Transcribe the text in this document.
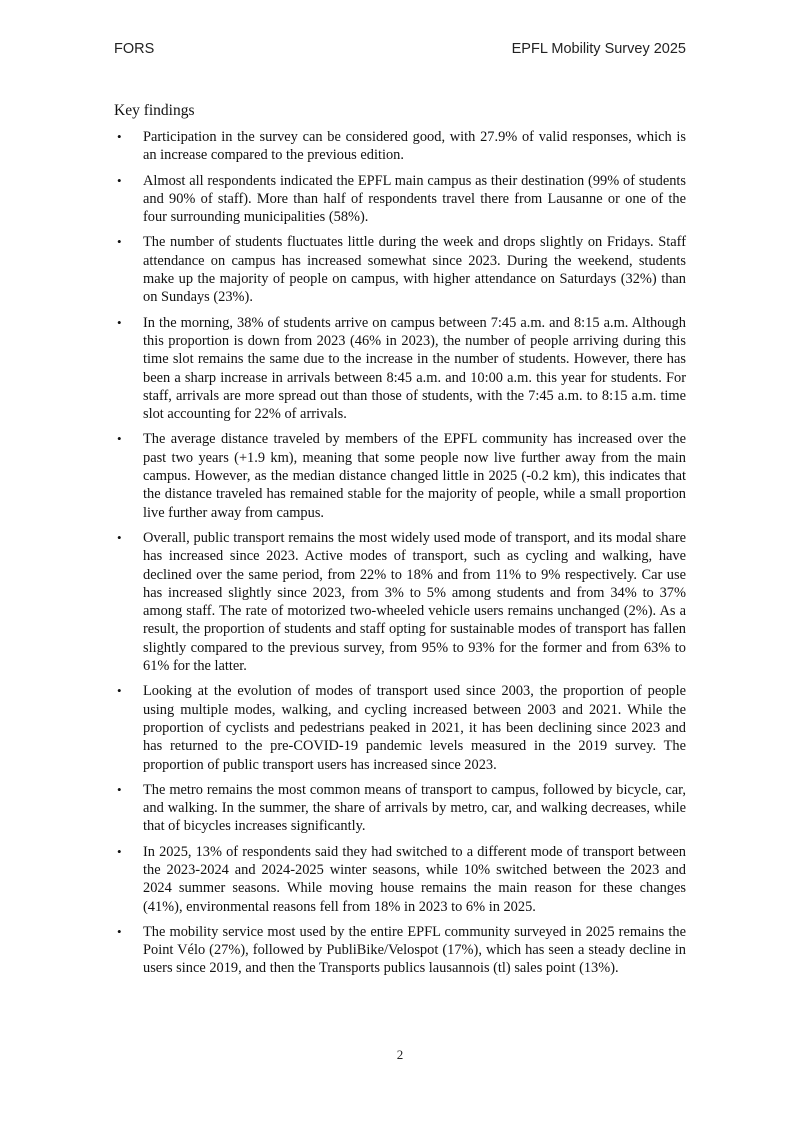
FORS	EPFL Mobility Survey 2025
Key findings
• Participation in the survey can be considered good, with 27.9% of valid responses, which is an increase compared to the previous edition.
• Almost all respondents indicated the EPFL main campus as their destination (99% of students and 90% of staff). More than half of respondents travel there from Lausanne or one of the four surrounding municipalities (58%).
• The number of students fluctuates little during the week and drops slightly on Fridays. Staff attendance on campus has increased somewhat since 2023. During the weekend, students make up the majority of people on campus, with higher attendance on Saturdays (32%) than on Sundays (23%).
• In the morning, 38% of students arrive on campus between 7:45 a.m. and 8:15 a.m. Although this proportion is down from 2023 (46% in 2023), the number of people arriving during this time slot remains the same due to the increase in the number of students. However, there has been a sharp increase in arrivals between 8:45 a.m. and 10:00 a.m. this year for students. For staff, arrivals are more spread out than those of students, with the 7:45 a.m. to 8:15 a.m. time slot accounting for 22% of arrivals.
• The average distance traveled by members of the EPFL community has increased over the past two years (+1.9 km), meaning that some people now live further away from the main campus. However, as the median distance changed little in 2025 (-0.2 km), this indicates that the distance traveled has remained stable for the majority of people, while a small proportion live further away from campus.
• Overall, public transport remains the most widely used mode of transport, and its modal share has increased since 2023. Active modes of transport, such as cycling and walking, have declined over the same period, from 22% to 18% and from 11% to 9% respectively. Car use has increased slightly since 2023, from 3% to 5% among students and from 34% to 37% among staff. The rate of motorized two-wheeled vehicle users remains unchanged (2%). As a result, the proportion of students and staff opting for sustainable modes of transport has fallen slightly compared to the previous survey, from 95% to 93% for the former and from 63% to 61% for the latter.
• Looking at the evolution of modes of transport used since 2003, the proportion of people using multiple modes, walking, and cycling increased between 2003 and 2021. While the proportion of cyclists and pedestrians peaked in 2021, it has been declining since 2023 and has returned to the pre-COVID-19 pandemic levels measured in the 2019 survey. The proportion of public transport users has increased since 2023.
• The metro remains the most common means of transport to campus, followed by bicycle, car, and walking. In the summer, the share of arrivals by metro, car, and walking decreases, while that of bicycles increases significantly.
• In 2025, 13% of respondents said they had switched to a different mode of transport between the 2023-2024 and 2024-2025 winter seasons, while 10% switched between the 2023 and 2024 summer seasons. While moving house remains the main reason for these changes (41%), environmental reasons fell from 18% in 2023 to 6% in 2025.
• The mobility service most used by the entire EPFL community surveyed in 2025 remains the Point Vélo (27%), followed by PubliBike/Velospot (17%), which has seen a steady decline in users since 2019, and then the Transports publics lausannois (tl) sales point (13%).
2
